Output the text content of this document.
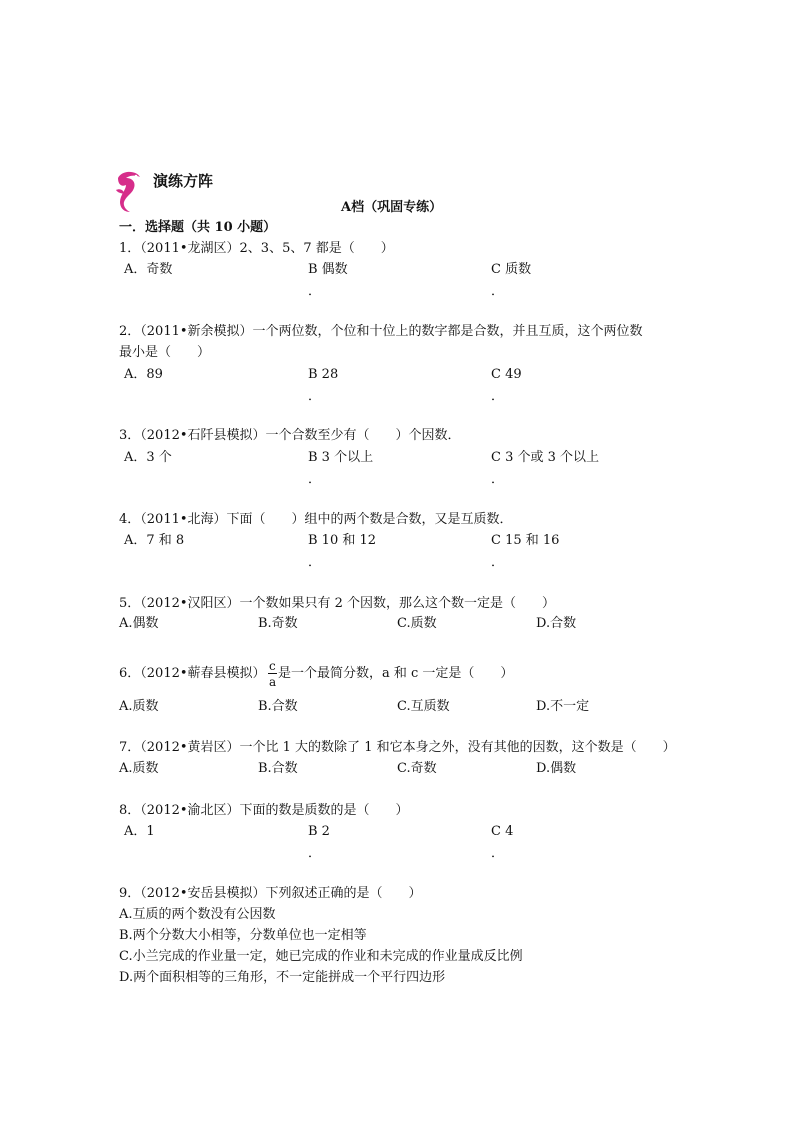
演练方阵
A档（巩固专练）
一．选择题（共 10 小题）
1．（2011•龙湖区）2、3、5、7 都是（　　）
A．奇数	B 偶数	C 质数
．	．
2．（2011•新余模拟）一个两位数，个位和十位上的数字都是合数，并且互质，这个两位数
最小是（　　）
A．89	B 28	C 49
．	．
3．（2012•石阡县模拟）一个合数至少有（　　）个因数．
A．3 个	B 3 个以上	C 3 个或 3 个以上
．	．
4．（2011•北海）下面（　　）组中的两个数是合数，又是互质数．
A．7 和 8	B 10 和 12	C 15 和 16
．	．
5．（2012•汉阳区）一个数如果只有 2 个因数，那么这个数一定是（　　）
A.偶数	B.奇数	C.质数	D.合数
6．（2012•蕲春县模拟） c
a
是一个最简分数，a 和 c 一定是（　　）
A.质数	B.合数	C.互质数	D.不一定
7．（2012•黄岩区）一个比 1 大的数除了 1 和它本身之外，没有其他的因数，这个数是（　　）
A.质数	B.合数	C.奇数	D.偶数
8．（2012•渝北区）下面的数是质数的是（　　）
A．1	B 2	C 4
．	．
9．（2012•安岳县模拟）下列叙述正确的是（　　）
A.互质的两个数没有公因数
B.两个分数大小相等，分数单位也一定相等
C.小兰完成的作业量一定，她已完成的作业和未完成的作业量成反比例
D.两个面积相等的三角形，不一定能拼成一个平行四边形
